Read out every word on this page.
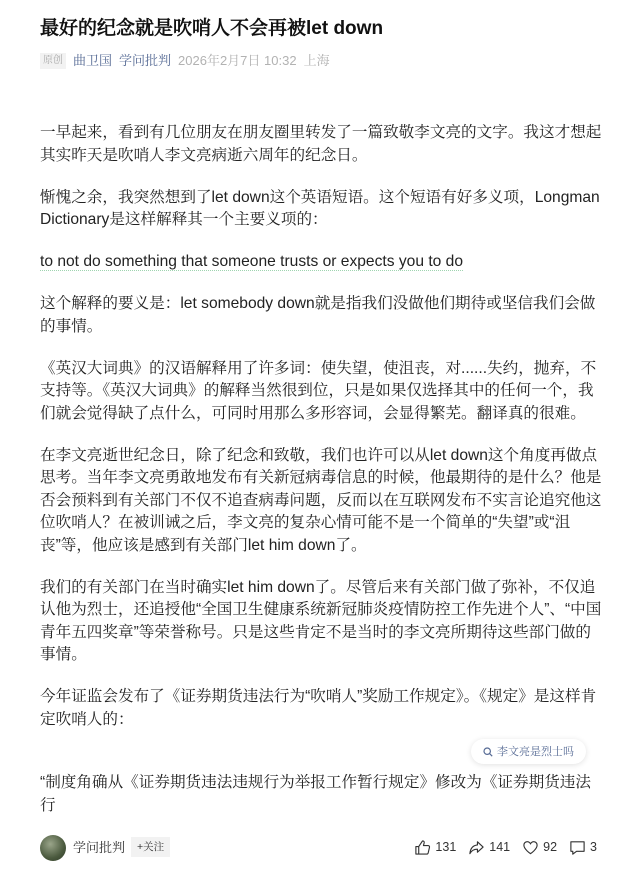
最好的纪念就是吹哨人不会再被let down
原创 曲卫国 学问批判 2026年2月7日 10:32 上海

一早起来，看到有几位朋友在朋友圈里转发了一篇致敬李文亮的文字。我这才想起其实昨天是吹哨人李文亮病逝六周年的纪念日。

惭愧之余，我突然想到了let down这个英语短语。这个短语有好多义项，Longman Dictionary是这样解释其一个主要义项的：

to not do something that someone trusts or expects you to do

这个解释的要义是：let somebody down就是指我们没做他们期待或坚信我们会做的事情。

《英汉大词典》的汉语解释用了许多词：使失望，使沮丧，对......失约，抛弃，不支持等。《英汉大词典》的解释当然很到位，只是如果仅选择其中的任何一个，我们就会觉得缺了点什么，可同时用那么多形容词，会显得繁芜。翻译真的很难。

在李文亮逝世纪念日，除了纪念和致敬，我们也许可以从let down这个角度再做点思考。当年李文亮勇敢地发布有关新冠病毒信息的时候，他最期待的是什么？他是否会预料到有关部门不仅不追查病毒问题，反而以在互联网发布不实言论追究他这位吹哨人？在被训诫之后，李文亮的复杂心情可能不是一个简单的“失望”或“沮丧”等，他应该是感到有关部门let him down了。

我们的有关部门在当时确实let him down了。尽管后来有关部门做了弥补，不仅追认他为烈士，还追授他“全国卫生健康系统新冠肺炎疫情防控工作先进个人”、“中国青年五四奖章”等荣誉称号。只是这些肯定不是当时的李文亮所期待这些部门做的事情。

今年证监会发布了《证券期货违法行为“吹哨人”奖励工作规定》。《规定》是这样肯定吹哨人的：

李文亮是烈士吗
“制度角确从《证券期货违法违规行为举报工作暂行规定》修改为《证券期货违法行
学问批判	+关注	131	141	92	3
